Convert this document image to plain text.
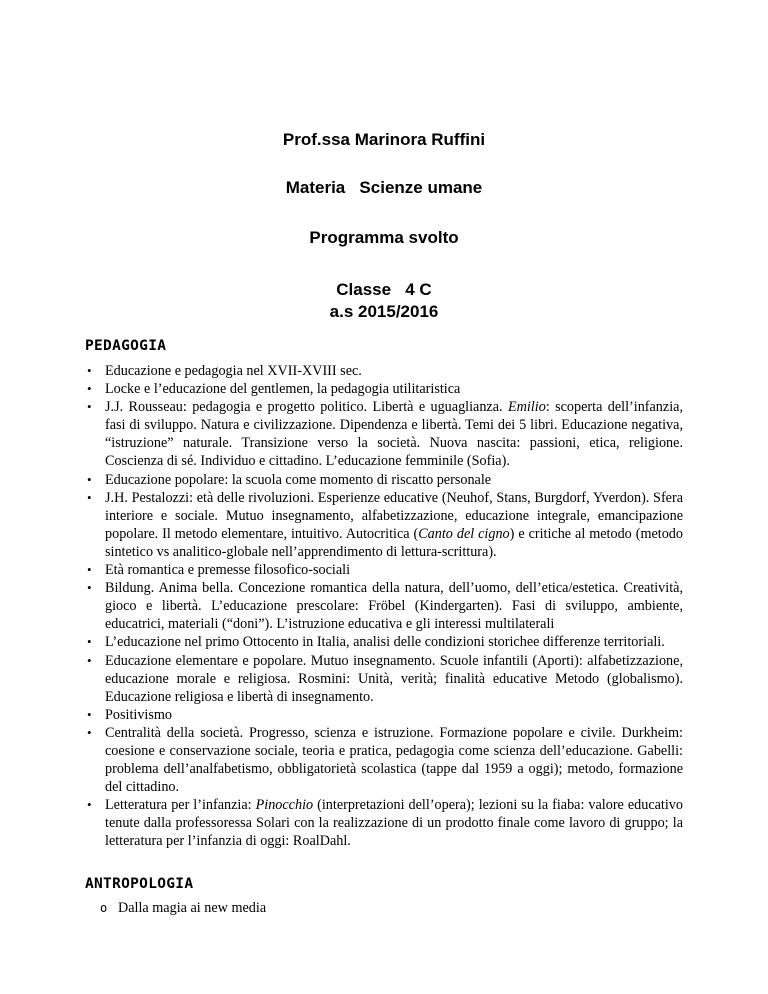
Prof.ssa Marinora Ruffini
Materia   Scienze umane
Programma svolto
Classe   4 C
a.s 2015/2016
PEDAGOGIA
• Educazione e pedagogia nel XVII-XVIII sec.
• Locke e l’educazione del gentlemen, la pedagogia utilitaristica
• J.J. Rousseau: pedagogia e progetto politico. Libertà e uguaglianza. Emilio: scoperta dell’infanzia, fasi di sviluppo. Natura e civilizzazione. Dipendenza e libertà. Temi dei 5 libri. Educazione negativa, “istruzione” naturale. Transizione verso la società. Nuova nascita: passioni, etica, religione. Coscienza di sé. Individuo e cittadino. L’educazione femminile (Sofia).
• Educazione popolare: la scuola come momento di riscatto personale
• J.H. Pestalozzi: età delle rivoluzioni. Esperienze educative (Neuhof, Stans, Burgdorf, Yverdon). Sfera interiore e sociale. Mutuo insegnamento, alfabetizzazione, educazione integrale, emancipazione popolare. Il metodo elementare, intuitivo. Autocritica (Canto del cigno) e critiche al metodo (metodo sintetico vs analitico-globale nell’apprendimento di lettura-scrittura).
• Età romantica e premesse filosofico-sociali
• Bildung. Anima bella. Concezione romantica della natura, dell’uomo, dell’etica/estetica. Creatività, gioco e libertà. L’educazione prescolare: Fröbel (Kindergarten). Fasi di sviluppo, ambiente, educatrici, materiali (“doni”). L’istruzione educativa e gli interessi multilaterali
• L’educazione nel primo Ottocento in Italia, analisi delle condizioni storichee differenze territoriali.
• Educazione elementare e popolare. Mutuo insegnamento. Scuole infantili (Aporti): alfabetizzazione, educazione morale e religiosa. Rosmini: Unità, verità; finalità educative Metodo (globalismo). Educazione religiosa e libertà di insegnamento.
• Positivismo
• Centralità della società. Progresso, scienza e istruzione. Formazione popolare e civile. Durkheim: coesione e conservazione sociale, teoria e pratica, pedagogia come scienza dell’educazione. Gabelli: problema dell’analfabetismo, obbligatorietà scolastica (tappe dal 1959 a oggi); metodo, formazione del cittadino.
• Letteratura per l’infanzia: Pinocchio (interpretazioni dell’opera); lezioni su la fiaba: valore educativo tenute dalla professoressa Solari con la realizzazione di un prodotto finale come lavoro di gruppo; la letteratura per l’infanzia di oggi: RoalDahl.
ANTROPOLOGIA
o Dalla magia ai new media
